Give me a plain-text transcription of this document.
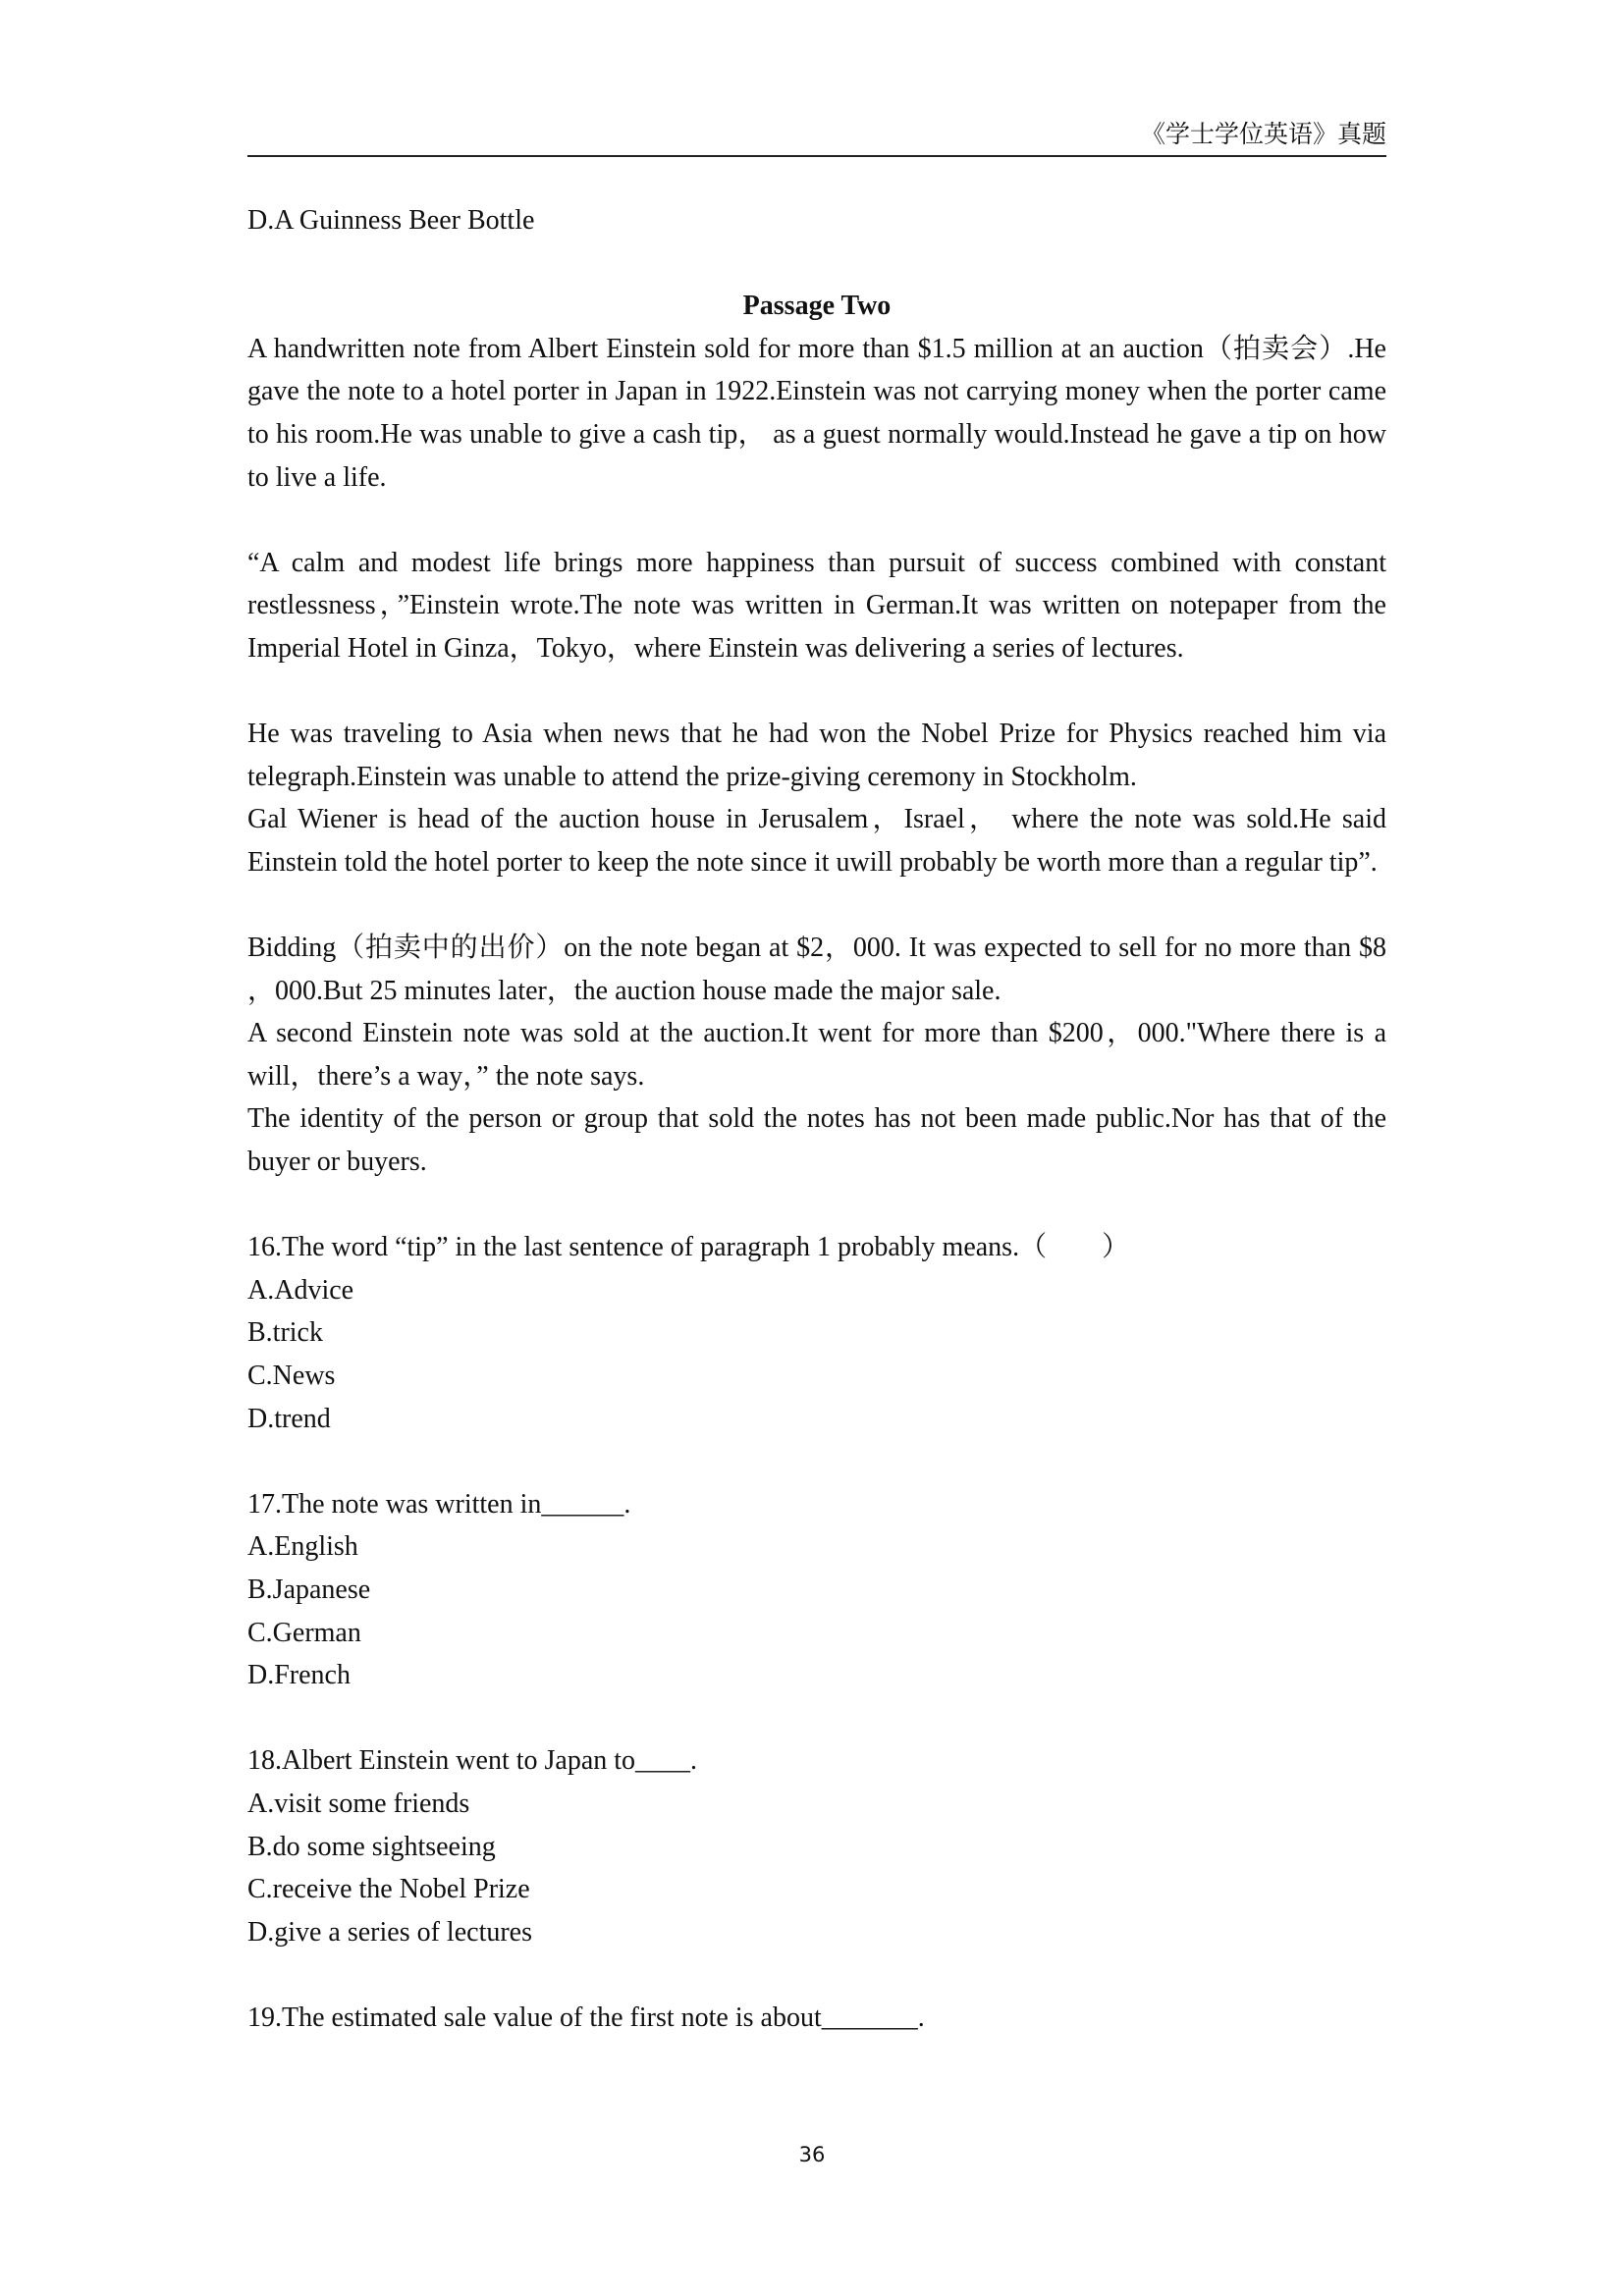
《学士学位英语》真题

D.A Guinness Beer Bottle

Passage Two

A handwritten note from Albert Einstein sold for more than $1.5 million at an auction（拍卖会）.He gave the note to a hotel porter in Japan in 1922.Einstein was not carrying money when the porter came to his room.He was unable to give a cash tip， as a guest normally would.Instead he gave a tip on how to live a life.

“A calm and modest life brings more happiness than pursuit of success combined with constant restlessness，”Einstein wrote.The note was written in German.It was written on notepaper from the Imperial Hotel in Ginza，Tokyo，where Einstein was delivering a series of lectures.

He was traveling to Asia when news that he had won the Nobel Prize for Physics reached him via telegraph.Einstein was unable to attend the prize-giving ceremony in Stockholm.

Gal Wiener is head of the auction house in Jerusalem，Israel， where the note was sold.He said Einstein told the hotel porter to keep the note since it uwill probably be worth more than a regular tip”.

Bidding（拍卖中的出价）on the note began at $2，000. It was expected to sell for no more than $8 ，000.But 25 minutes later，the auction house made the major sale.

A second Einstein note was sold at the auction.It went for more than $200，000."Where there is a will，there’s a way，” the note says.

The identity of the person or group that sold the notes has not been made public.Nor has that of the buyer or buyers.

16.The word “tip” in the last sentence of paragraph 1 probably means.（　　）

A.Advice

B.trick

C.News

D.trend

17.The note was written in______.

A.English

B.Japanese

C.German

D.French

18.Albert Einstein went to Japan to____.

A.visit some friends

B.do some sightseeing

C.receive the Nobel Prize

D.give a series of lectures

19.The estimated sale value of the first note is about_______.

36
